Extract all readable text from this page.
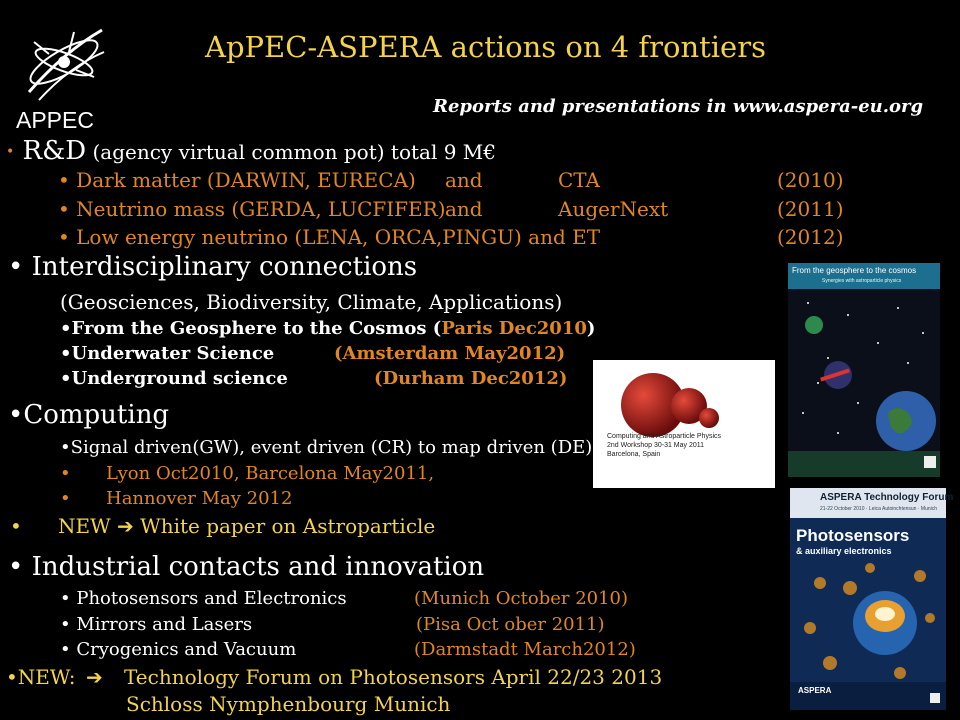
APPEC
ApPEC-ASPERA actions on 4 frontiers
Reports and presentations in www.aspera-eu.org
• R&D (agency virtual common pot) total 9 M€
• Dark matter (DARWIN, EURECA) and	CTA	(2010)
• Neutrino mass (GERDA, LUCFIFER) and	AugerNext	(2011)
• Low energy neutrino (LENA, ORCA,PINGU) and ET	(2012)
• Interdisciplinary connections
(Geosciences, Biodiversity, Climate, Applications)
•From the Geosphere to the Cosmos (Paris Dec2010)
•Underwater Science	(Amsterdam May2012)
•Underground science	(Durham Dec2012)
•Computing
•Signal driven(GW), event driven (CR) to map driven (DE)
• Lyon Oct2010, Barcelona May2011,
• Hannover May 2012
• NEW ➔ White paper on Astroparticle
• Industrial contacts and innovation
• Photosensors and Electronics	(Munich October 2010)
• Mirrors and Lasers	(Pisa Oct ober 2011)
• Cryogenics and Vacuum	(Darmstadt March2012)
•NEW: ➔ Technology Forum on Photosensors April 22/23 2013
Schloss Nymphenbourg Munich
Computing and Astroparticle Physics
2nd Workshop 30-31 May 2011
Barcelona, Spain
From the geosphere to the cosmos
Synergies with astroparticle physics
ASPERA Technology Forum
21-22 October 2010 · Leica Autoinchtensun · Munich
Photosensors
& auxiliary electronics
ASPERA
